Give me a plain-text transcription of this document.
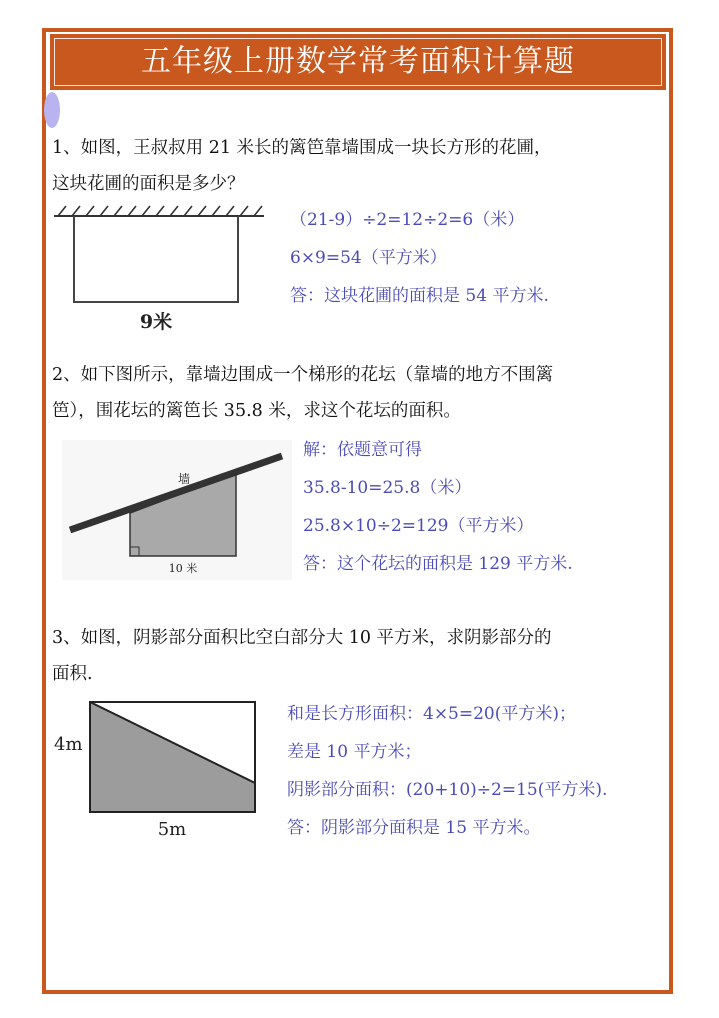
五年级上册数学常考面积计算题
1、如图，王叔叔用 21 米长的篱笆靠墙围成一块长方形的花圃，
这块花圃的面积是多少？
9米
（21-9）÷2=12÷2=6（米）
6×9=54（平方米）
答：这块花圃的面积是 54 平方米.
2、如下图所示，靠墙边围成一个梯形的花坛（靠墙的地方不围篱
笆），围花坛的篱笆长 35.8 米，求这个花坛的面积。
墙
10 米
解：依题意可得
35.8-10=25.8（米）
25.8×10÷2=129（平方米）
答：这个花坛的面积是 129 平方米.
3、如图，阴影部分面积比空白部分大 10 平方米，求阴影部分的
面积.
4m
5m
和是长方形面积：4×5=20(平方米)；
差是 10 平方米；
阴影部分面积：(20+10)÷2=15(平方米).
答：阴影部分面积是 15 平方米。
